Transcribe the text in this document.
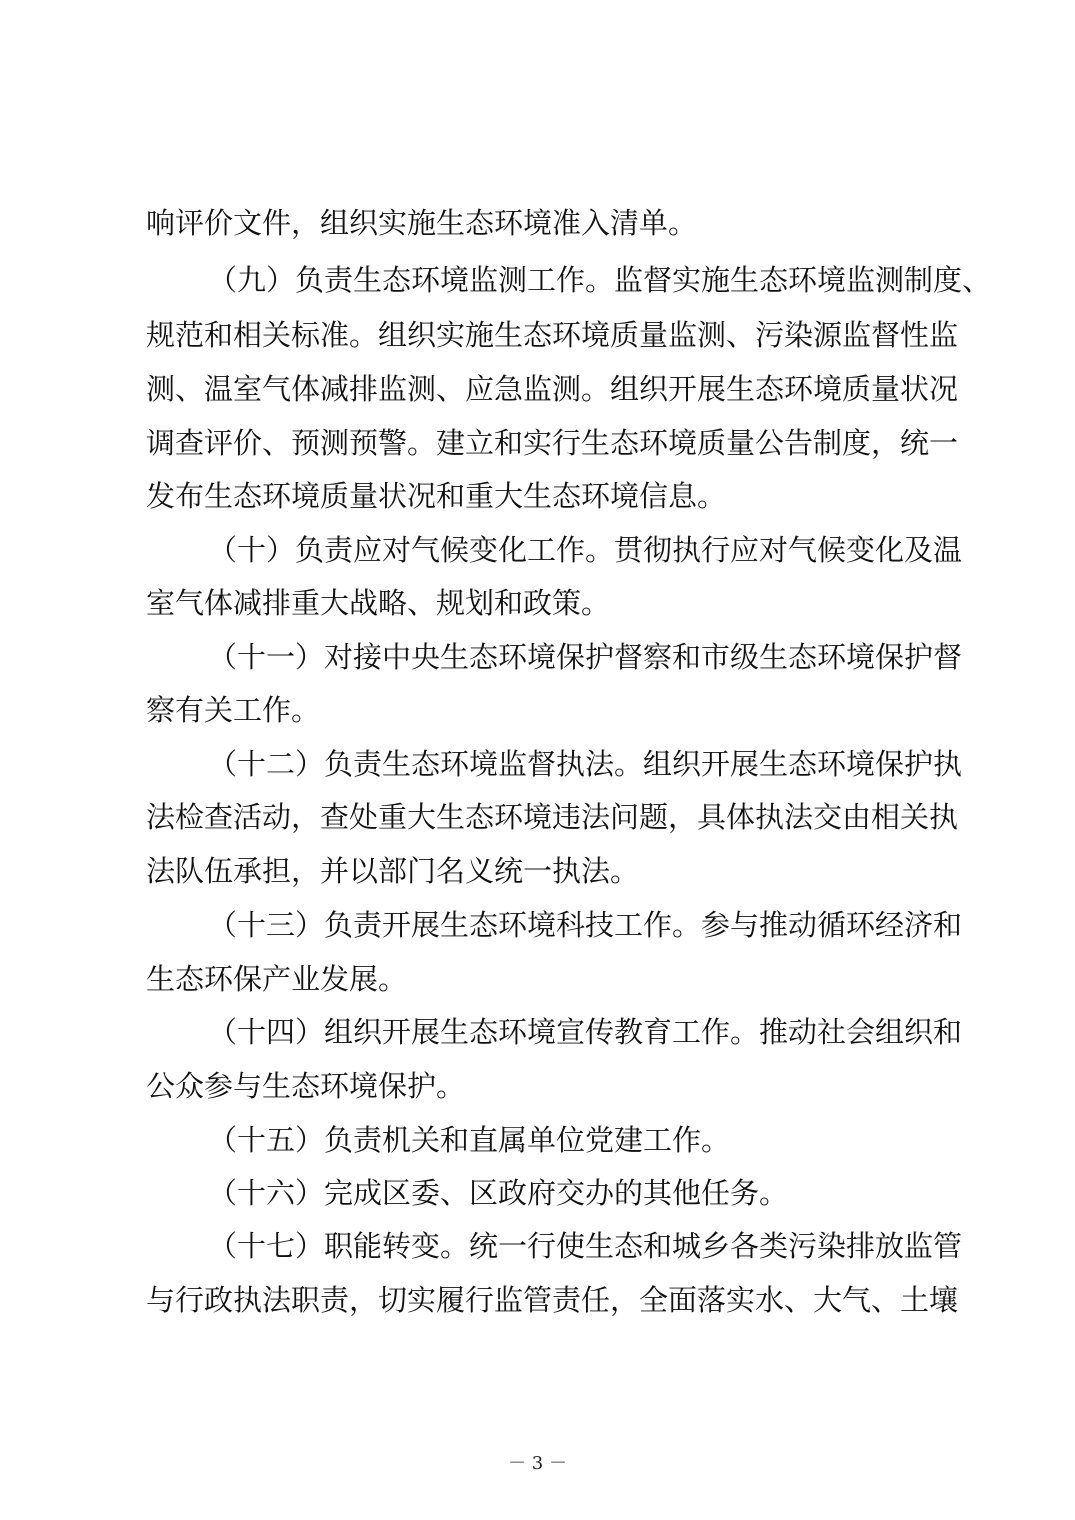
响评价文件，组织实施生态环境准入清单。
（九）负责生态环境监测工作。监督实施生态环境监测制度、
规范和相关标准。组织实施生态环境质量监测、污染源监督性监
测、温室气体减排监测、应急监测。组织开展生态环境质量状况
调查评价、预测预警。建立和实行生态环境质量公告制度，统一
发布生态环境质量状况和重大生态环境信息。
（十）负责应对气候变化工作。贯彻执行应对气候变化及温
室气体减排重大战略、规划和政策。
（十一）对接中央生态环境保护督察和市级生态环境保护督
察有关工作。
（十二）负责生态环境监督执法。组织开展生态环境保护执
法检查活动，查处重大生态环境违法问题，具体执法交由相关执
法队伍承担，并以部门名义统一执法。
（十三）负责开展生态环境科技工作。参与推动循环经济和
生态环保产业发展。
（十四）组织开展生态环境宣传教育工作。推动社会组织和
公众参与生态环境保护。
（十五）负责机关和直属单位党建工作。
（十六）完成区委、区政府交办的其他任务。
（十七）职能转变。统一行使生态和城乡各类污染排放监管
与行政执法职责，切实履行监管责任，全面落实水、大气、土壤
－ 3 －
